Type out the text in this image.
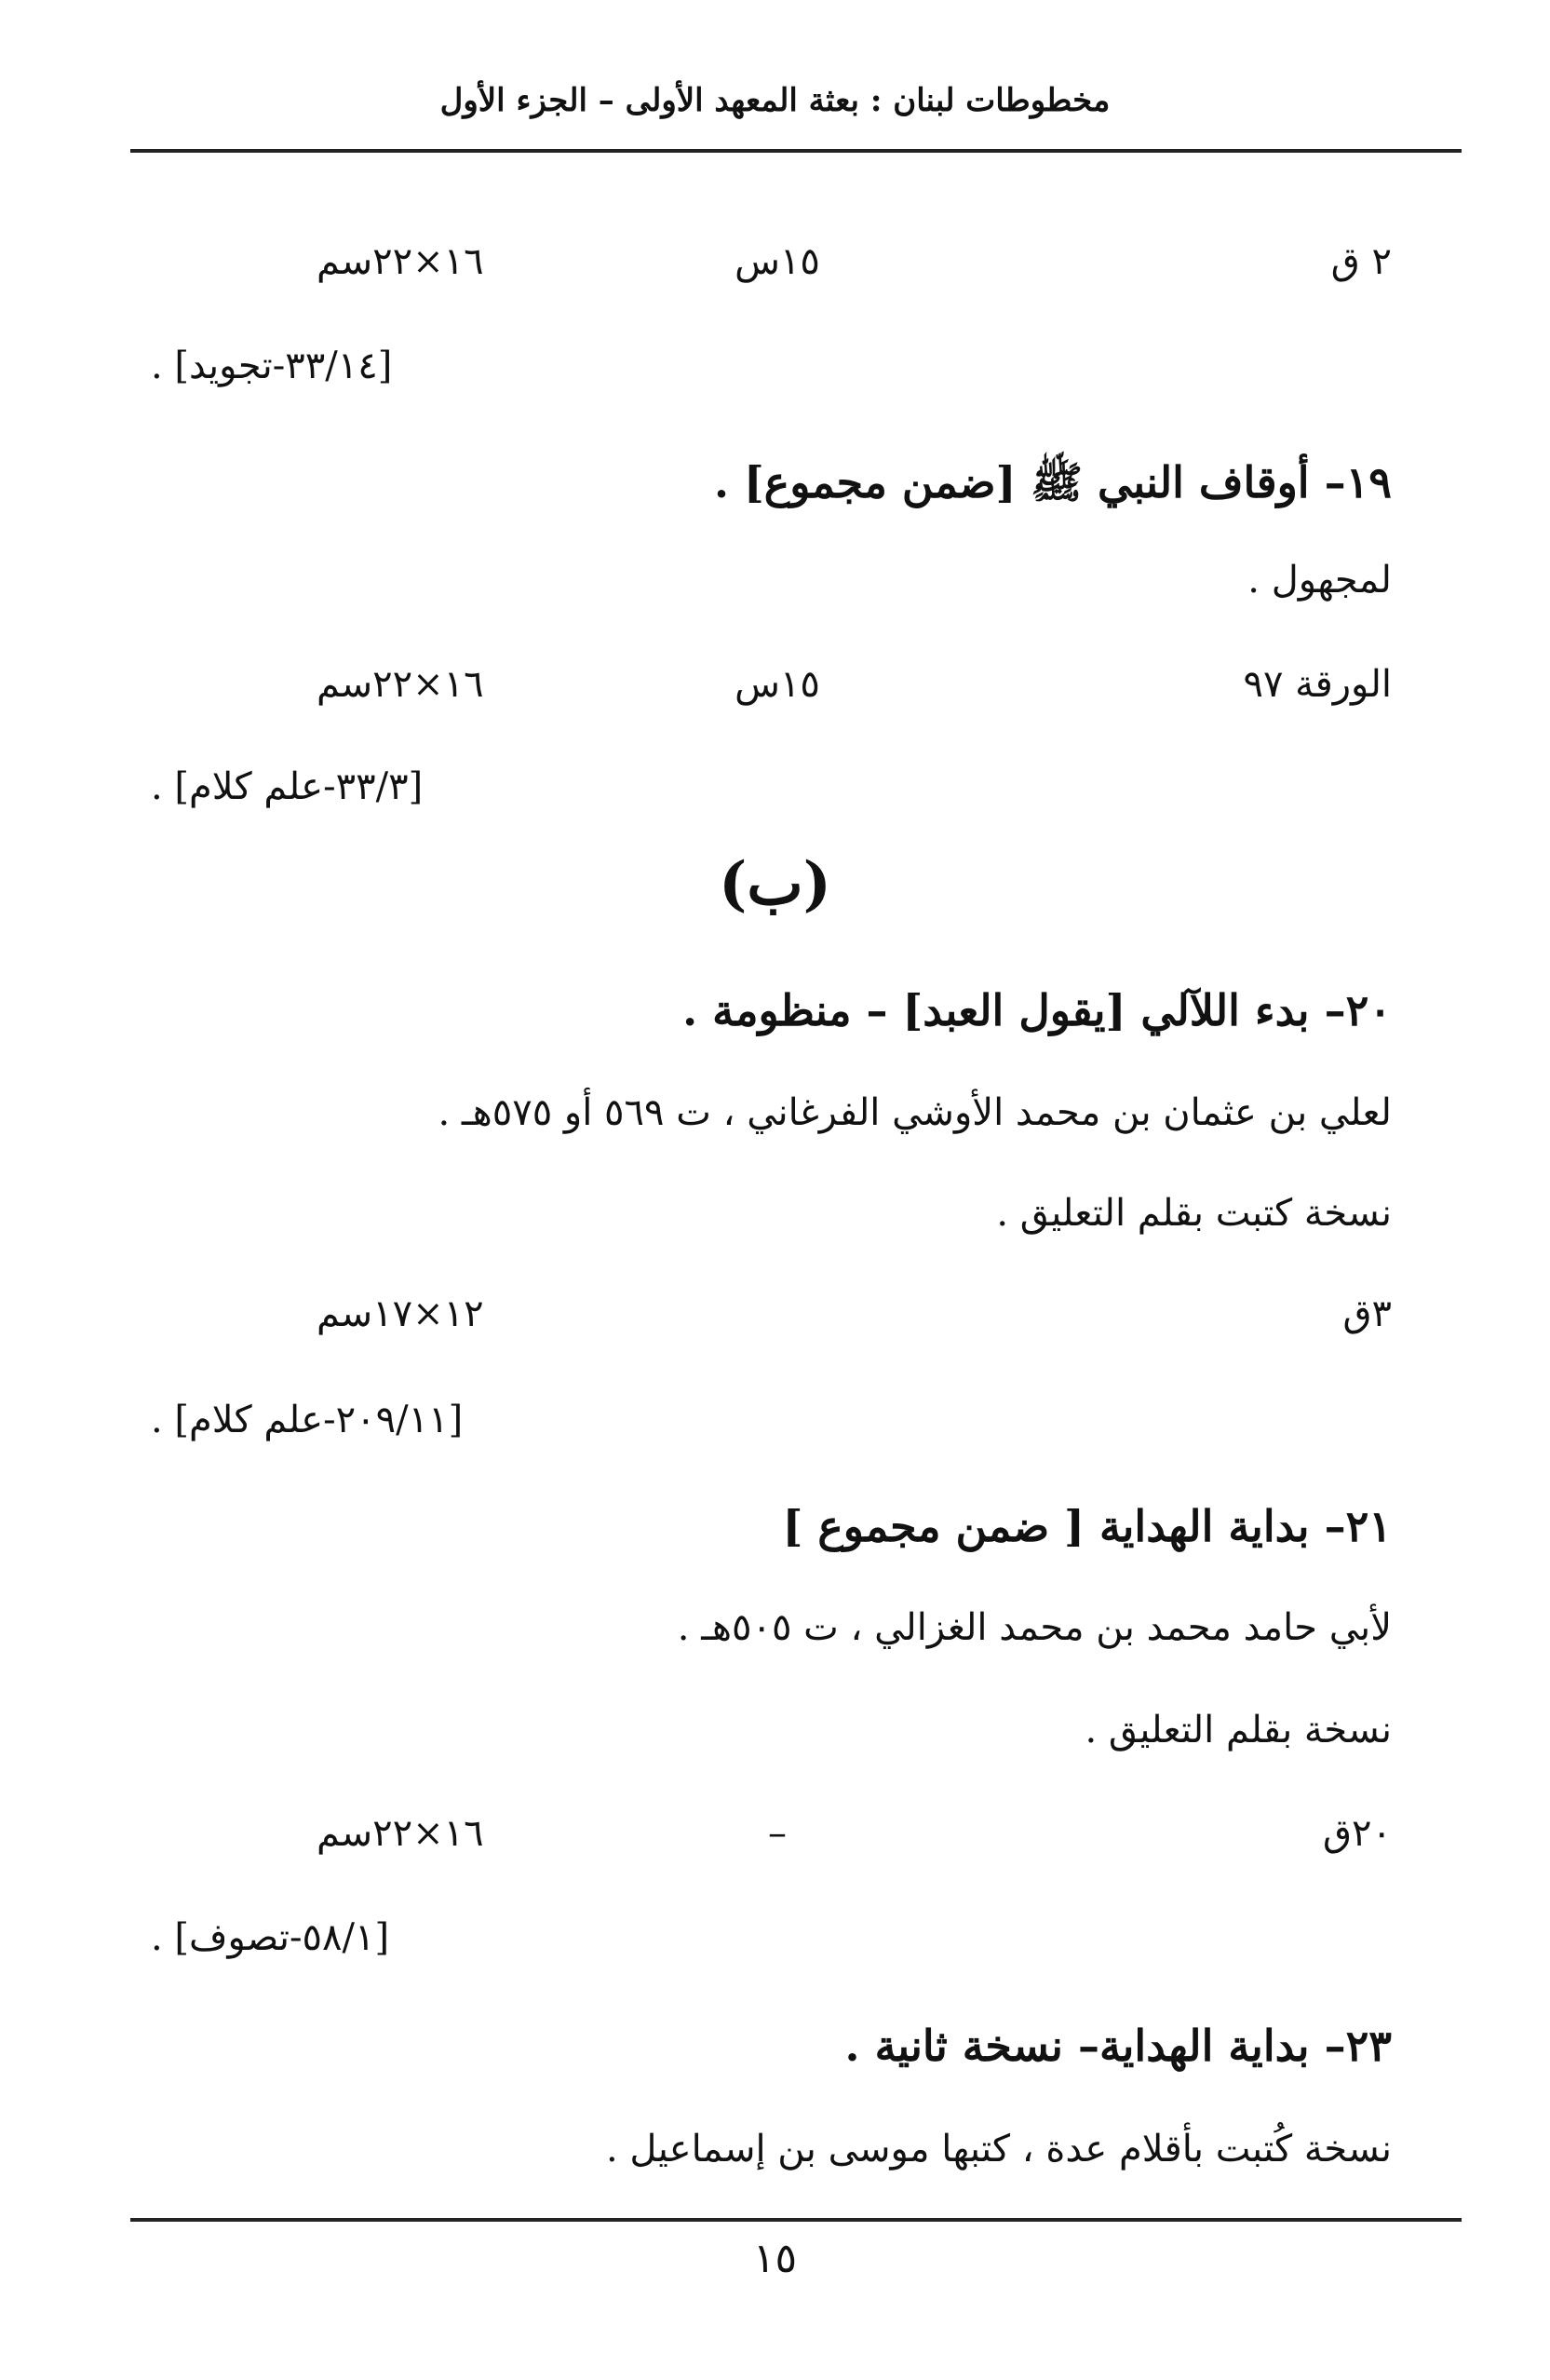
مخطوطات لبنان : بعثة المعهد الأولى – الجزء الأول
٢ ق
١٥س
١٦×٢٢سم
[٣٣/١٤-تجويد] .
١٩– أوقاف النبي ﷺ [ضمن مجموع] .
لمجهول .
الورقة ٩٧
١٥س
١٦×٢٢سم
[٣٣/٣-علم كلام] .
(ب)
٢٠– بدء اللآلي [يقول العبد] – منظومة .
لعلي بن عثمان بن محمد الأوشي الفرغاني ، ت ٥٦٩ أو ٥٧٥هـ .
نسخة كتبت بقلم التعليق .
٣ق
١٢×١٧سم
[٢٠٩/١١-علم كلام] .
٢١– بداية الهداية [ ضمن مجموع ]
لأبي حامد محمد بن محمد الغزالي ، ت ٥٠٥هـ .
نسخة بقلم التعليق .
٢٠ق
–
١٦×٢٢سم
[٥٨/١-تصوف] .
٢٣– بداية الهداية– نسخة ثانية .
نسخة كُتبت بأقلام عدة ، كتبها موسى بن إسماعيل .
١٥
